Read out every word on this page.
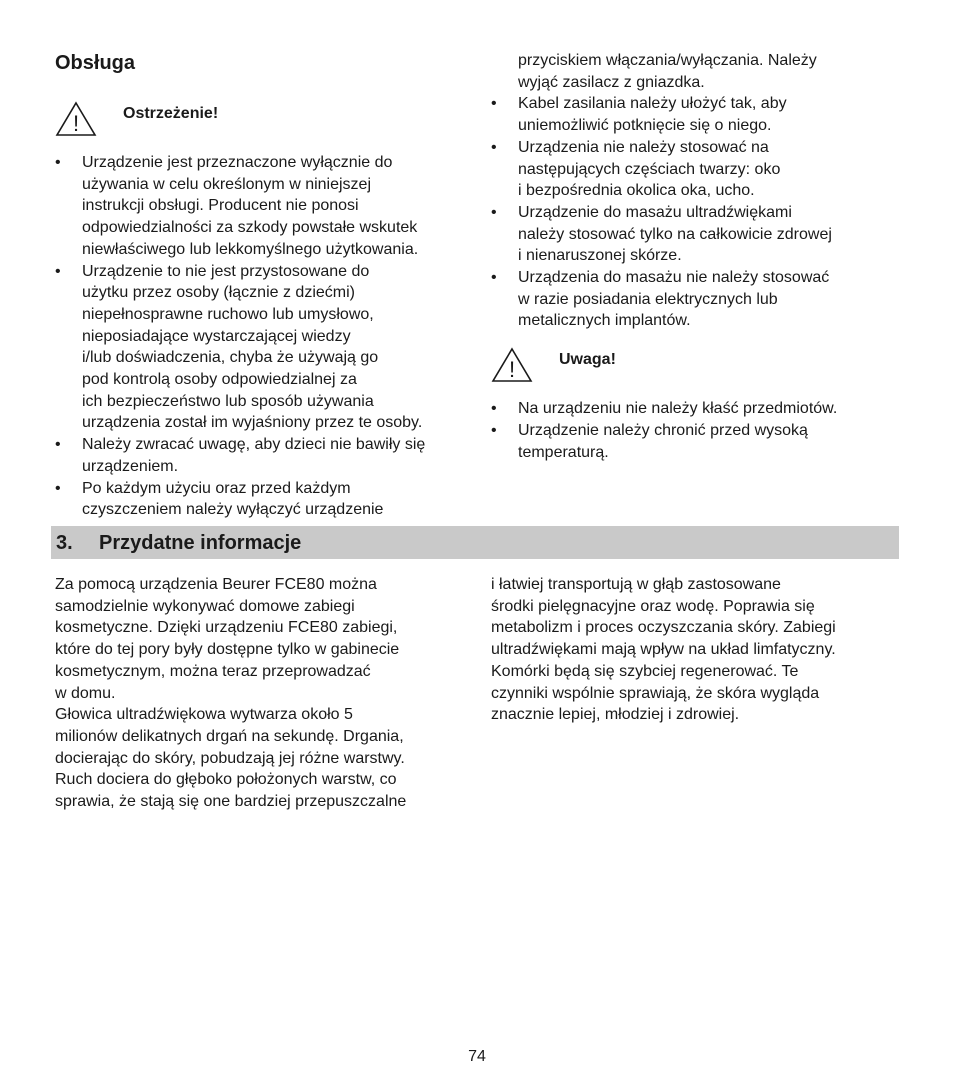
Obsługa
!	Ostrzeżenie!
• Urządzenie jest przeznaczone wyłącznie do
używania w celu określonym w niniejszej
instrukcji obsługi. Producent nie ponosi
odpowiedzialności za szkody powstałe wskutek
niewłaściwego lub lekkomyślnego użytkowania.
• Urządzenie to nie jest przystosowane do
użytku przez osoby (łącznie z dziećmi)
niepełnosprawne ruchowo lub umysłowo,
nieposiadające wystarczającej wiedzy
i/lub doświadczenia, chyba że używają go
pod kontrolą osoby odpowiedzialnej za
ich bezpieczeństwo lub sposób używania
urządzenia został im wyjaśniony przez te osoby.
• Należy zwracać uwagę, aby dzieci nie bawiły się
urządzeniem.
• Po każdym użyciu oraz przed każdym
czyszczeniem należy wyłączyć urządzenie
przyciskiem włączania/wyłączania. Należy
wyjąć zasilacz z gniazdka.
• Kabel zasilania należy ułożyć tak, aby
uniemożliwić potknięcie się o niego.
• Urządzenia nie należy stosować na
następujących częściach twarzy: oko
i bezpośrednia okolica oka, ucho.
• Urządzenie do masażu ultradźwiękami
należy stosować tylko na całkowicie zdrowej
i nienaruszonej skórze.
• Urządzenia do masażu nie należy stosować
w razie posiadania elektrycznych lub
metalicznych implantów.
!	Uwaga!
• Na urządzeniu nie należy kłaść przedmiotów.
• Urządzenie należy chronić przed wysoką
temperaturą.
3. Przydatne informacje

Za pomocą urządzenia Beurer FCE80 można
samodzielnie wykonywać domowe zabiegi
kosmetyczne. Dzięki urządzeniu FCE80 zabiegi,
które do tej pory były dostępne tylko w gabinecie
kosmetycznym, można teraz przeprowadzać
w domu.
Głowica ultradźwiękowa wytwarza około 5
milionów delikatnych drgań na sekundę. Drgania,
docierając do skóry, pobudzają jej różne warstwy.
Ruch dociera do głęboko położonych warstw, co
sprawia, że stają się one bardziej przepuszczalne

i łatwiej transportują w głąb zastosowane
środki pielęgnacyjne oraz wodę. Poprawia się
metabolizm i proces oczyszczania skóry. Zabiegi
ultradźwiękami mają wpływ na układ limfatyczny.
Komórki będą się szybciej regenerować. Te
czynniki wspólnie sprawiają, że skóra wygląda
znacznie lepiej, młodziej i zdrowiej.

74
